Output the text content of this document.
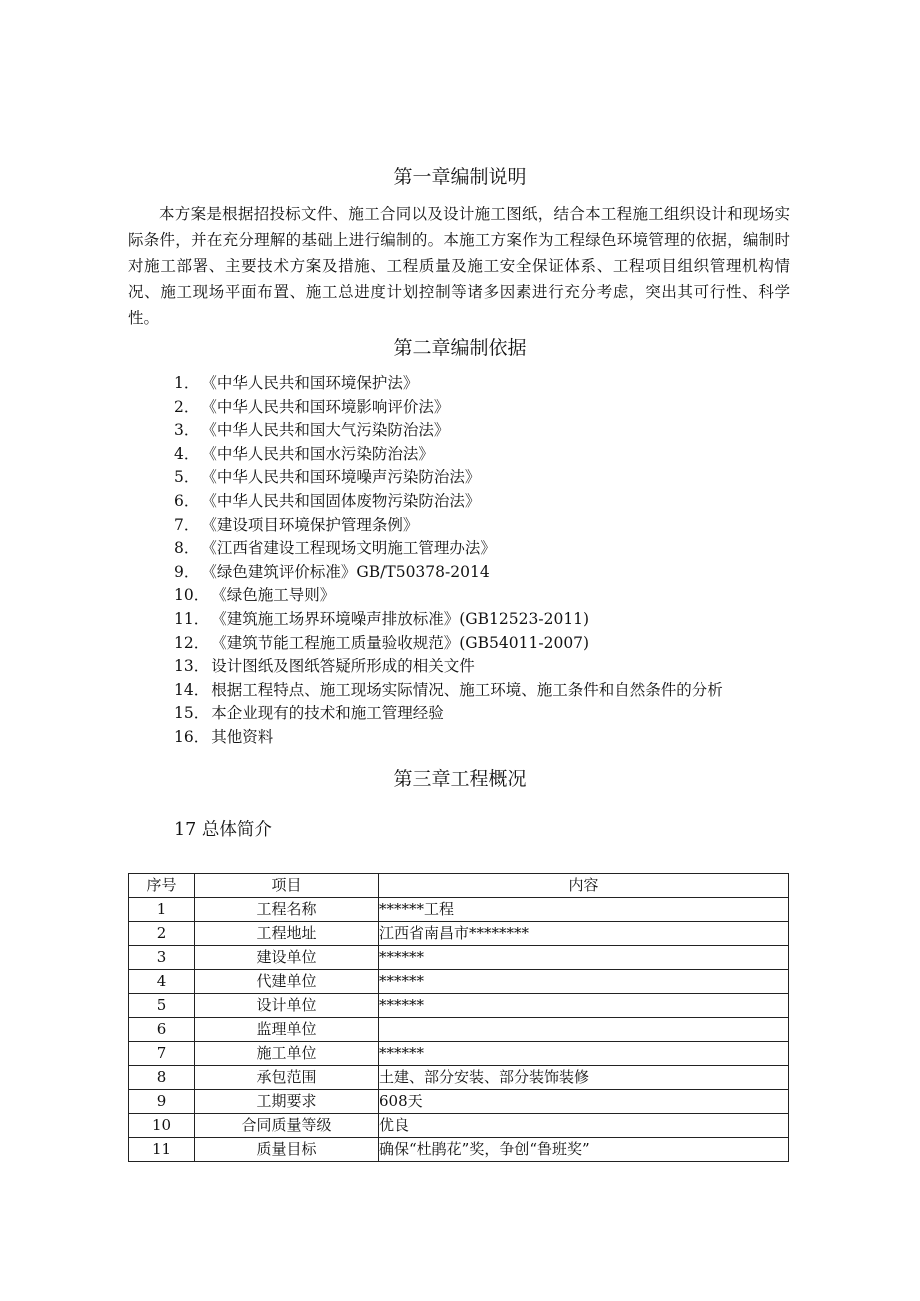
第一章编制说明
本方案是根据招投标文件、施工合同以及设计施工图纸，结合本工程施工组织设计和现场实际条件，并在充分理解的基础上进行编制的。本施工方案作为工程绿色环境管理的依据，编制时对施工部署、主要技术方案及措施、工程质量及施工安全保证体系、工程项目组织管理机构情况、施工现场平面布置、施工总进度计划控制等诸多因素进行充分考虑，突出其可行性、科学性。
第二章编制依据
1． 《中华人民共和国环境保护法》
2． 《中华人民共和国环境影响评价法》
3． 《中华人民共和国大气污染防治法》
4． 《中华人民共和国水污染防治法》
5． 《中华人民共和国环境噪声污染防治法》
6． 《中华人民共和国固体废物污染防治法》
7． 《建设项目环境保护管理条例》
8． 《江西省建设工程现场文明施工管理办法》
9． 《绿色建筑评价标准》GB/T50378-2014
10． 《绿色施工导则》
11． 《建筑施工场界环境噪声排放标准》(GB12523-2011)
12． 《建筑节能工程施工质量验收规范》(GB54011-2007)
13． 设计图纸及图纸答疑所形成的相关文件
14． 根据工程特点、施工现场实际情况、施工环境、施工条件和自然条件的分析
15． 本企业现有的技术和施工管理经验
16． 其他资料
第三章工程概况
17 总体简介
序号	项目	内容
1	工程名称	******工程
2	工程地址	江西省南昌市********
3	建设单位	******
4	代建单位	******
5	设计单位	******
6	监理单位	
7	施工单位	******
8	承包范围	土建、部分安装、部分装饰装修
9	工期要求	608天
10	合同质量等级	优良
11	质量目标	确保“杜鹃花”奖，争创“鲁班奖”
